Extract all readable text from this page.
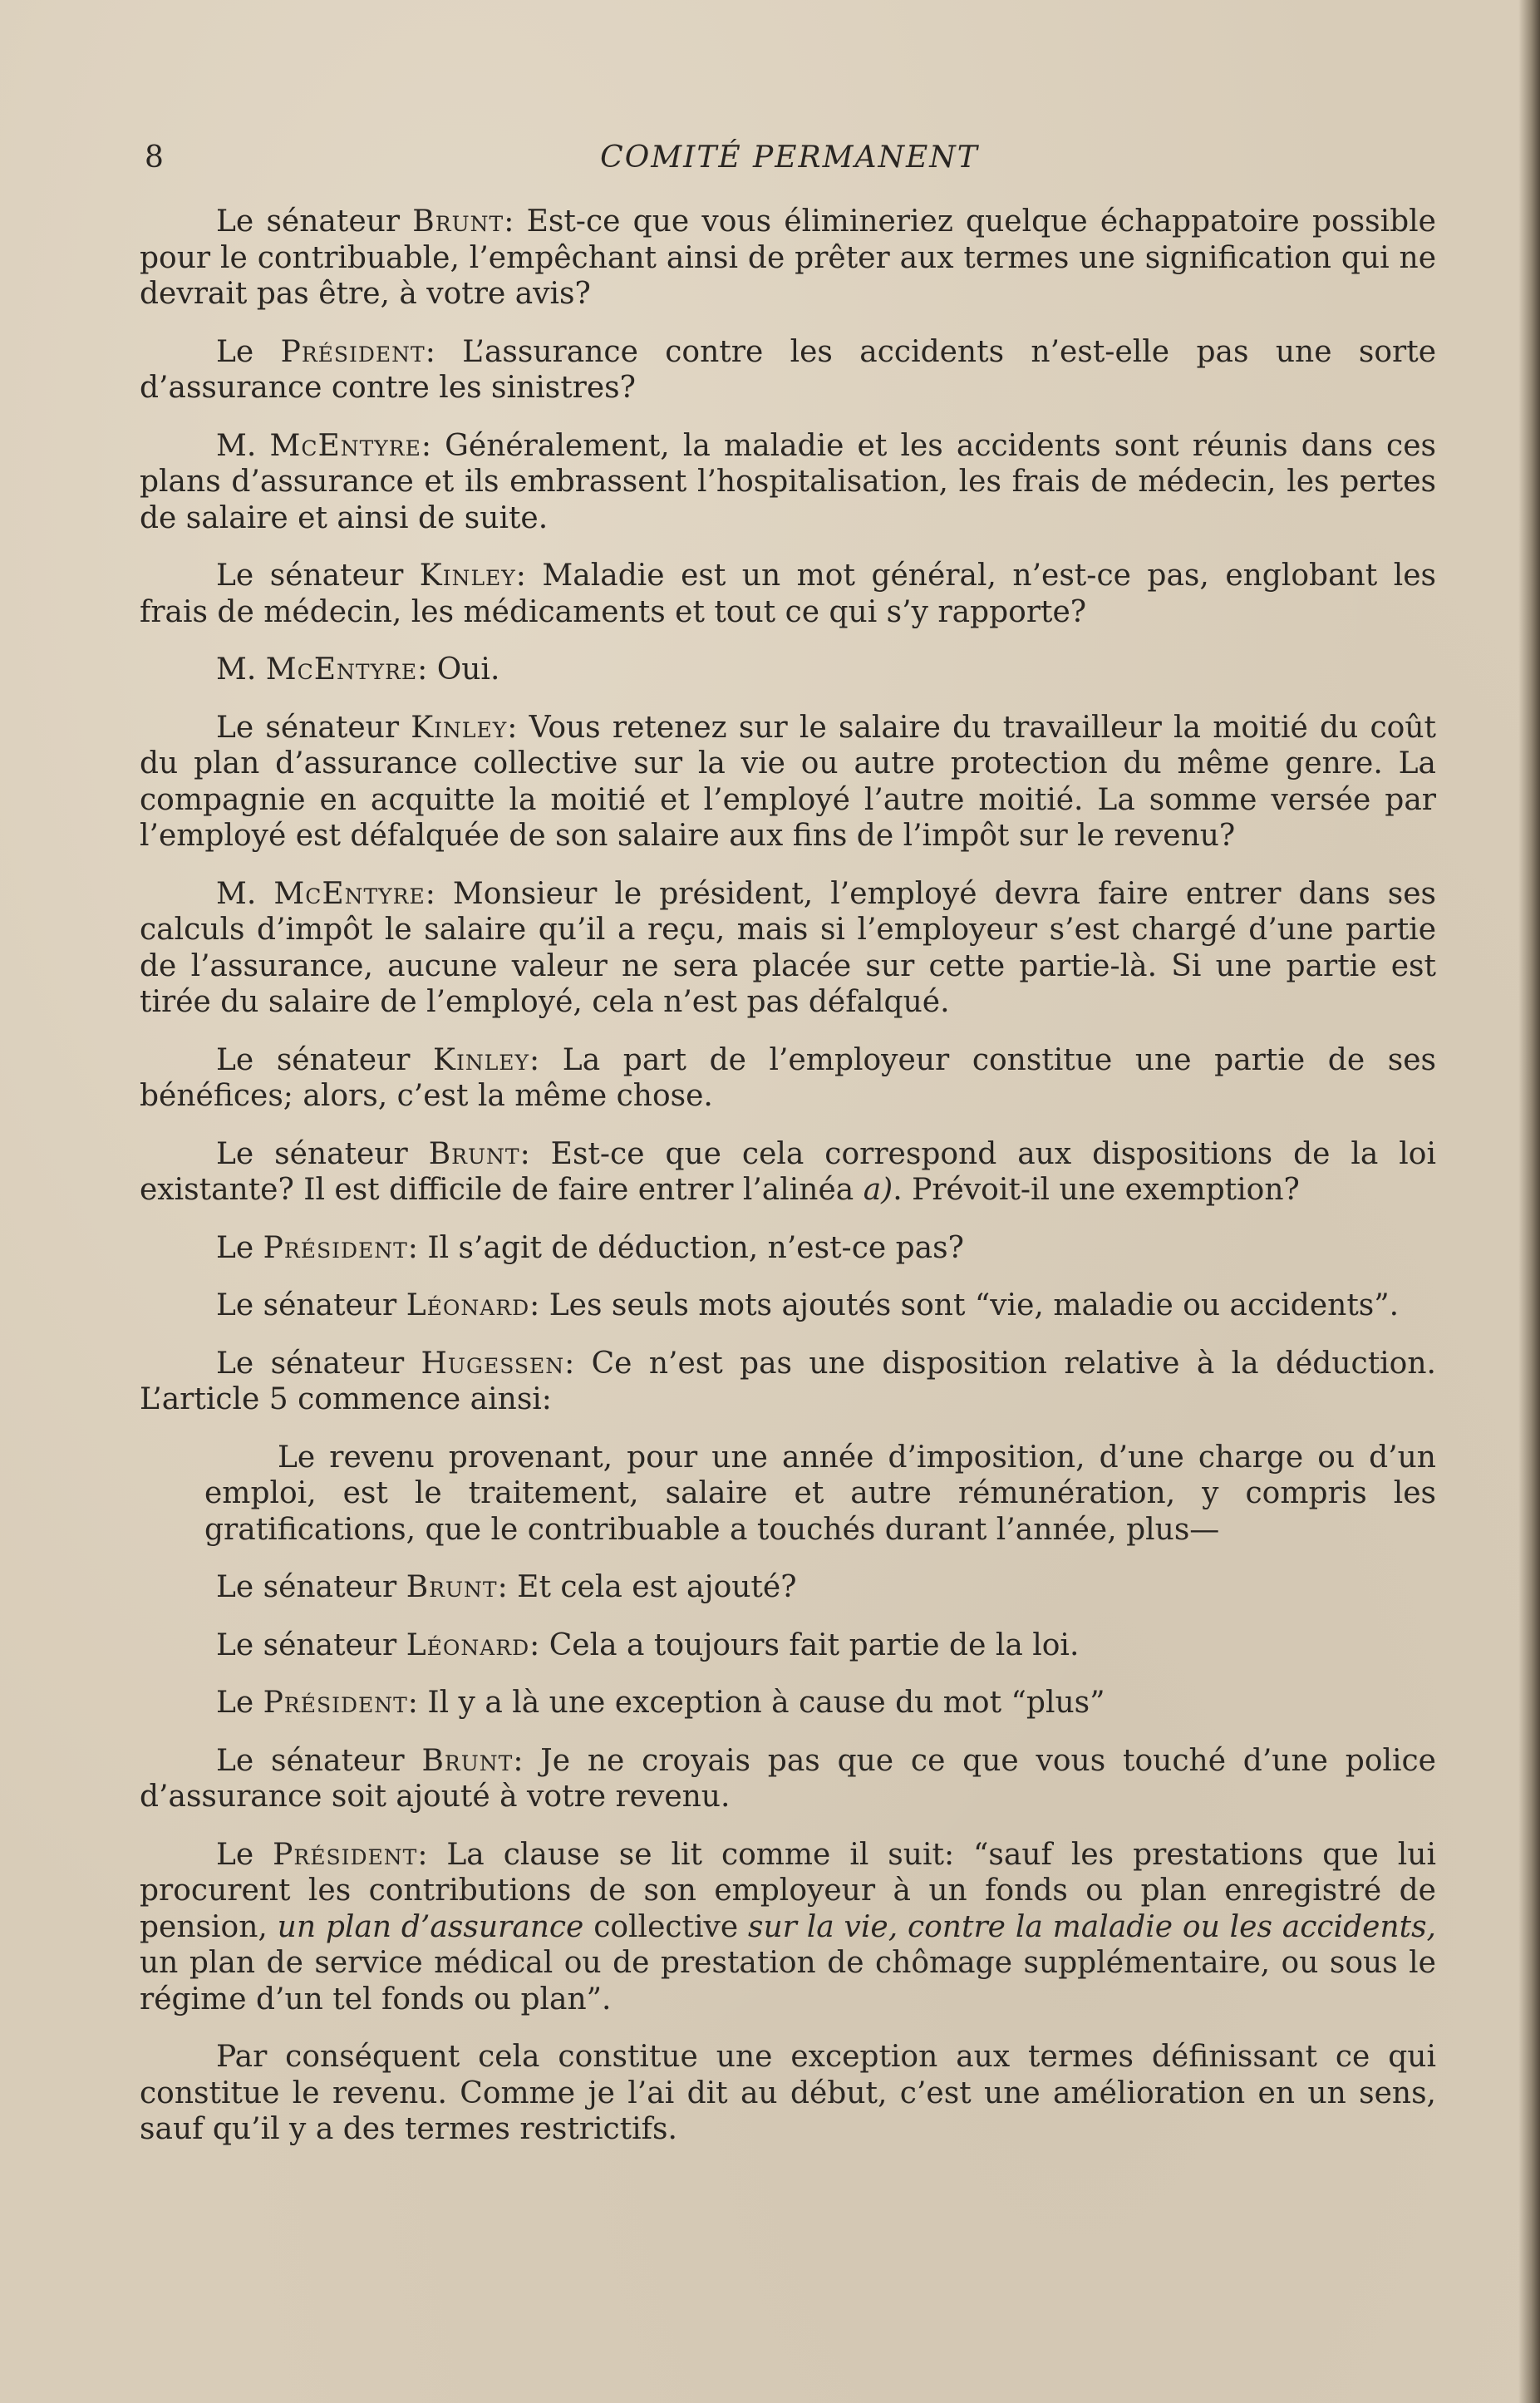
8	COMITÉ PERMANENT

Le sénateur Brunt: Est-ce que vous élimineriez quelque échappatoire possible pour le contribuable, l’empêchant ainsi de prêter aux termes une signification qui ne devrait pas être, à votre avis?

Le Président: L’assurance contre les accidents n’est-elle pas une sorte d’assurance contre les sinistres?

M. McEntyre: Généralement, la maladie et les accidents sont réunis dans ces plans d’assurance et ils embrassent l’hospitalisation, les frais de médecin, les pertes de salaire et ainsi de suite.

Le sénateur Kinley: Maladie est un mot général, n’est-ce pas, englobant les frais de médecin, les médicaments et tout ce qui s’y rapporte?

M. McEntyre: Oui.

Le sénateur Kinley: Vous retenez sur le salaire du travailleur la moitié du coût du plan d’assurance collective sur la vie ou autre protection du même genre. La compagnie en acquitte la moitié et l’employé l’autre moitié. La somme versée par l’employé est défalquée de son salaire aux fins de l’impôt sur le revenu?

M. McEntyre: Monsieur le président, l’employé devra faire entrer dans ses calculs d’impôt le salaire qu’il a reçu, mais si l’employeur s’est chargé d’une partie de l’assurance, aucune valeur ne sera placée sur cette partie-là. Si une partie est tirée du salaire de l’employé, cela n’est pas défalqué.

Le sénateur Kinley: La part de l’employeur constitue une partie de ses bénéfices; alors, c’est la même chose.

Le sénateur Brunt: Est-ce que cela correspond aux dispositions de la loi existante? Il est difficile de faire entrer l’alinéa a). Prévoit-il une exemption?

Le Président: Il s’agit de déduction, n’est-ce pas?

Le sénateur Léonard: Les seuls mots ajoutés sont “vie, maladie ou accidents”.

Le sénateur Hugessen: Ce n’est pas une disposition relative à la déduction. L’article 5 commence ainsi:

Le revenu provenant, pour une année d’imposition, d’une charge ou d’un emploi, est le traitement, salaire et autre rémunération, y compris les gratifications, que le contribuable a touchés durant l’année, plus—

Le sénateur Brunt: Et cela est ajouté?

Le sénateur Léonard: Cela a toujours fait partie de la loi.

Le Président: Il y a là une exception à cause du mot “plus”

Le sénateur Brunt: Je ne croyais pas que ce que vous touché d’une police d’assurance soit ajouté à votre revenu.

Le Président: La clause se lit comme il suit: “sauf les prestations que lui procurent les contributions de son employeur à un fonds ou plan enregistré de pension, un plan d’assurance collective sur la vie, contre la maladie ou les accidents, un plan de service médical ou de prestation de chômage supplémentaire, ou sous le régime d’un tel fonds ou plan”.

Par conséquent cela constitue une exception aux termes définissant ce qui constitue le revenu. Comme je l’ai dit au début, c’est une amélioration en un sens, sauf qu’il y a des termes restrictifs.
